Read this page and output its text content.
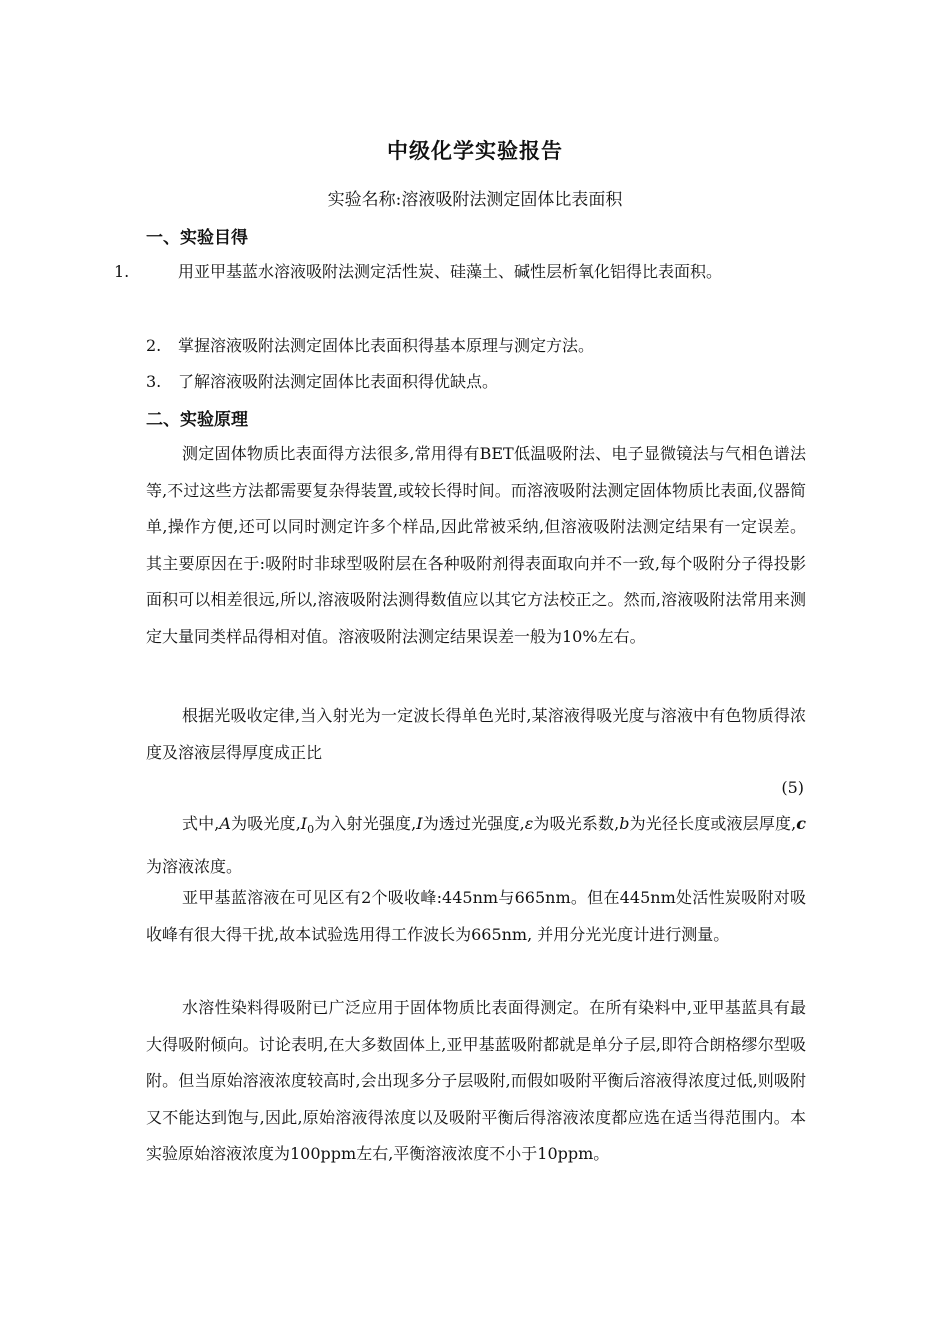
中级化学实验报告
实验名称:溶液吸附法测定固体比表面积
一、实验目得
1.	用亚甲基蓝水溶液吸附法测定活性炭、硅藻土、碱性层析氧化铝得比表面积。
2. 掌握溶液吸附法测定固体比表面积得基本原理与测定方法。
3. 了解溶液吸附法测定固体比表面积得优缺点。
二、实验原理
测定固体物质比表面得方法很多,常用得有BET低温吸附法、电子显微镜法与气相色谱法等,不过这些方法都需要复杂得装置,或较长得时间。而溶液吸附法测定固体物质比表面,仪器简单,操作方便,还可以同时测定许多个样品,因此常被采纳,但溶液吸附法测定结果有一定误差。其主要原因在于:吸附时非球型吸附层在各种吸附剂得表面取向并不一致,每个吸附分子得投影面积可以相差很远,所以,溶液吸附法测得数值应以其它方法校正之。然而,溶液吸附法常用来测定大量同类样品得相对值。溶液吸附法测定结果误差一般为10%左右。
根据光吸收定律,当入射光为一定波长得单色光时,某溶液得吸光度与溶液中有色物质得浓度及溶液层得厚度成正比
(5)
式中,A为吸光度$,I_0$为入射光强度,I为透过光强度,ε为吸光系数,b为光径长度或液层厚度,c为溶液浓度。
亚甲基蓝溶液在可见区有2个吸收峰:445nm与665nm。但在445nm处活性炭吸附对吸收峰有很大得干扰,故本试验选用得工作波长为665nm, 并用分光光度计进行测量。
水溶性染料得吸附已广泛应用于固体物质比表面得测定。在所有染料中,亚甲基蓝具有最大得吸附倾向。讨论表明,在大多数固体上,亚甲基蓝吸附都就是单分子层,即符合朗格缪尔型吸附。但当原始溶液浓度较高时,会出现多分子层吸附,而假如吸附平衡后溶液得浓度过低,则吸附又不能达到饱与,因此,原始溶液得浓度以及吸附平衡后得溶液浓度都应选在适当得范围内。本实验原始溶液浓度为100ppm左右,平衡溶液浓度不小于10ppm。
